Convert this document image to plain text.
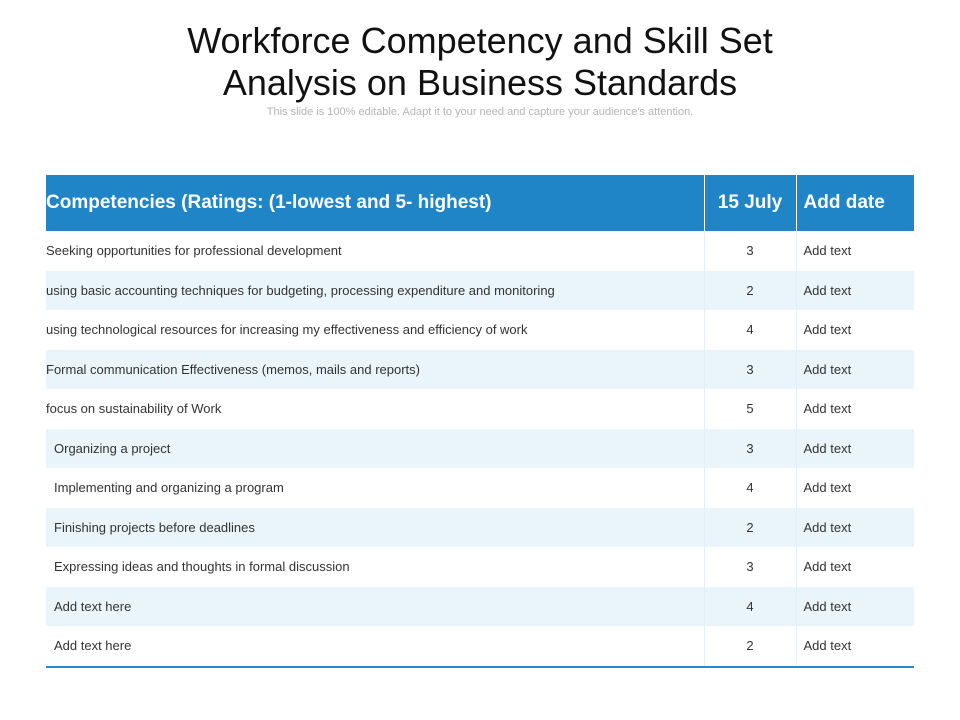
Workforce Competency and Skill Set
Analysis on Business Standards
This slide is 100% editable. Adapt it to your need and capture your audience's attention.
Competencies (Ratings: (1-lowest and 5- highest)	15 July	Add date
Seeking opportunities for professional development	3	Add text
using basic accounting techniques for budgeting, processing expenditure and monitoring	2	Add text
using technological resources for increasing my effectiveness and efficiency of work	4	Add text
Formal communication Effectiveness (memos, mails and reports)	3	Add text
focus on sustainability of Work	5	Add text
Organizing a project	3	Add text
Implementing and organizing a program	4	Add text
Finishing projects before deadlines	2	Add text
Expressing ideas and thoughts in formal discussion	3	Add text
Add text here	4	Add text
Add text here	2	Add text
